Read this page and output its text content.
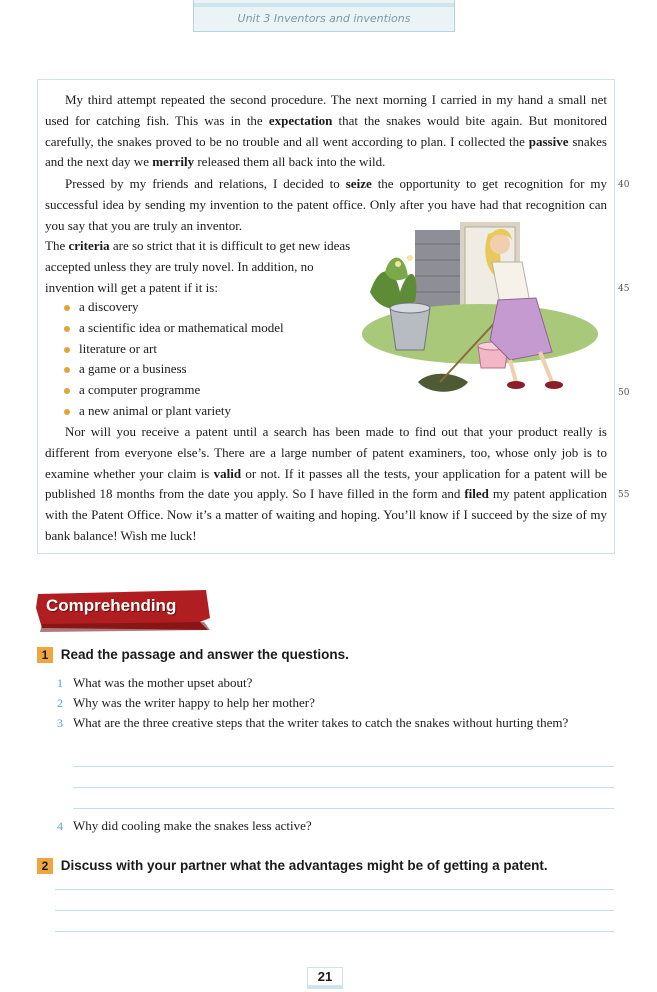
Unit 3 Inventors and inventions

My third attempt repeated the second procedure. The next morning I carried in my hand a small net used for catching fish. This was in the expectation that the snakes would bite again. But monitored carefully, the snakes proved to be no trouble and all went according to plan. I collected the passive snakes and the next day we merrily released them all back into the wild.

Pressed by my friends and relations, I decided to seize the opportunity to get recognition for my successful idea by sending my invention to the patent office. Only after you have had that recognition can you say that you are truly an inventor.

The criteria are so strict that it is difficult to get new ideas accepted unless they are truly novel. In addition, no invention will get a patent if it is:

a discovery
a scientific idea or mathematical model
literature or art
a game or a business
a computer programme
a new animal or plant variety

Nor will you receive a patent until a search has been made to find out that your product really is different from everyone else’s. There are a large number of patent examiners, too, whose only job is to examine whether your claim is valid or not. If it passes all the tests, your application for a patent will be published 18 months from the date you apply. So I have filled in the form and filed my patent application with the Patent Office. Now it’s a matter of waiting and hoping. You’ll know if I succeed by the size of my bank balance! Wish me luck!

40
45
50
55
Comprehending
1 Read the passage and answer the questions.
1 What was the mother upset about?
2 Why was the writer happy to help her mother?
3 What are the three creative steps that the writer takes to catch the snakes without hurting them?
4 Why did cooling make the snakes less active?
2 Discuss with your partner what the advantages might be of getting a patent.
21
